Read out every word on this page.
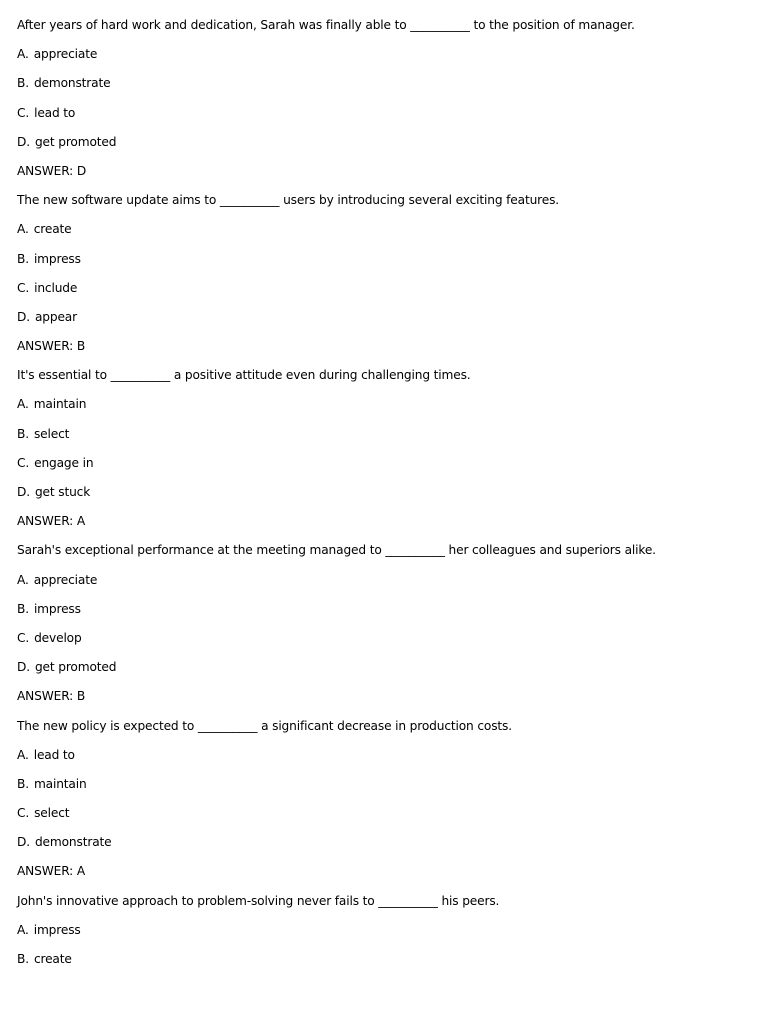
After years of hard work and dedication, Sarah was finally able to __________ to the position of manager.
A. appreciate
B. demonstrate
C. lead to
D. get promoted
ANSWER: D
The new software update aims to __________ users by introducing several exciting features.
A. create
B. impress
C. include
D. appear
ANSWER: B
It's essential to __________ a positive attitude even during challenging times.
A. maintain
B. select
C. engage in
D. get stuck
ANSWER: A
Sarah's exceptional performance at the meeting managed to __________ her colleagues and superiors alike.
A. appreciate
B. impress
C. develop
D. get promoted
ANSWER: B
The new policy is expected to __________ a significant decrease in production costs.
A. lead to
B. maintain
C. select
D. demonstrate
ANSWER: A
John's innovative approach to problem-solving never fails to __________ his peers.
A. impress
B. create
